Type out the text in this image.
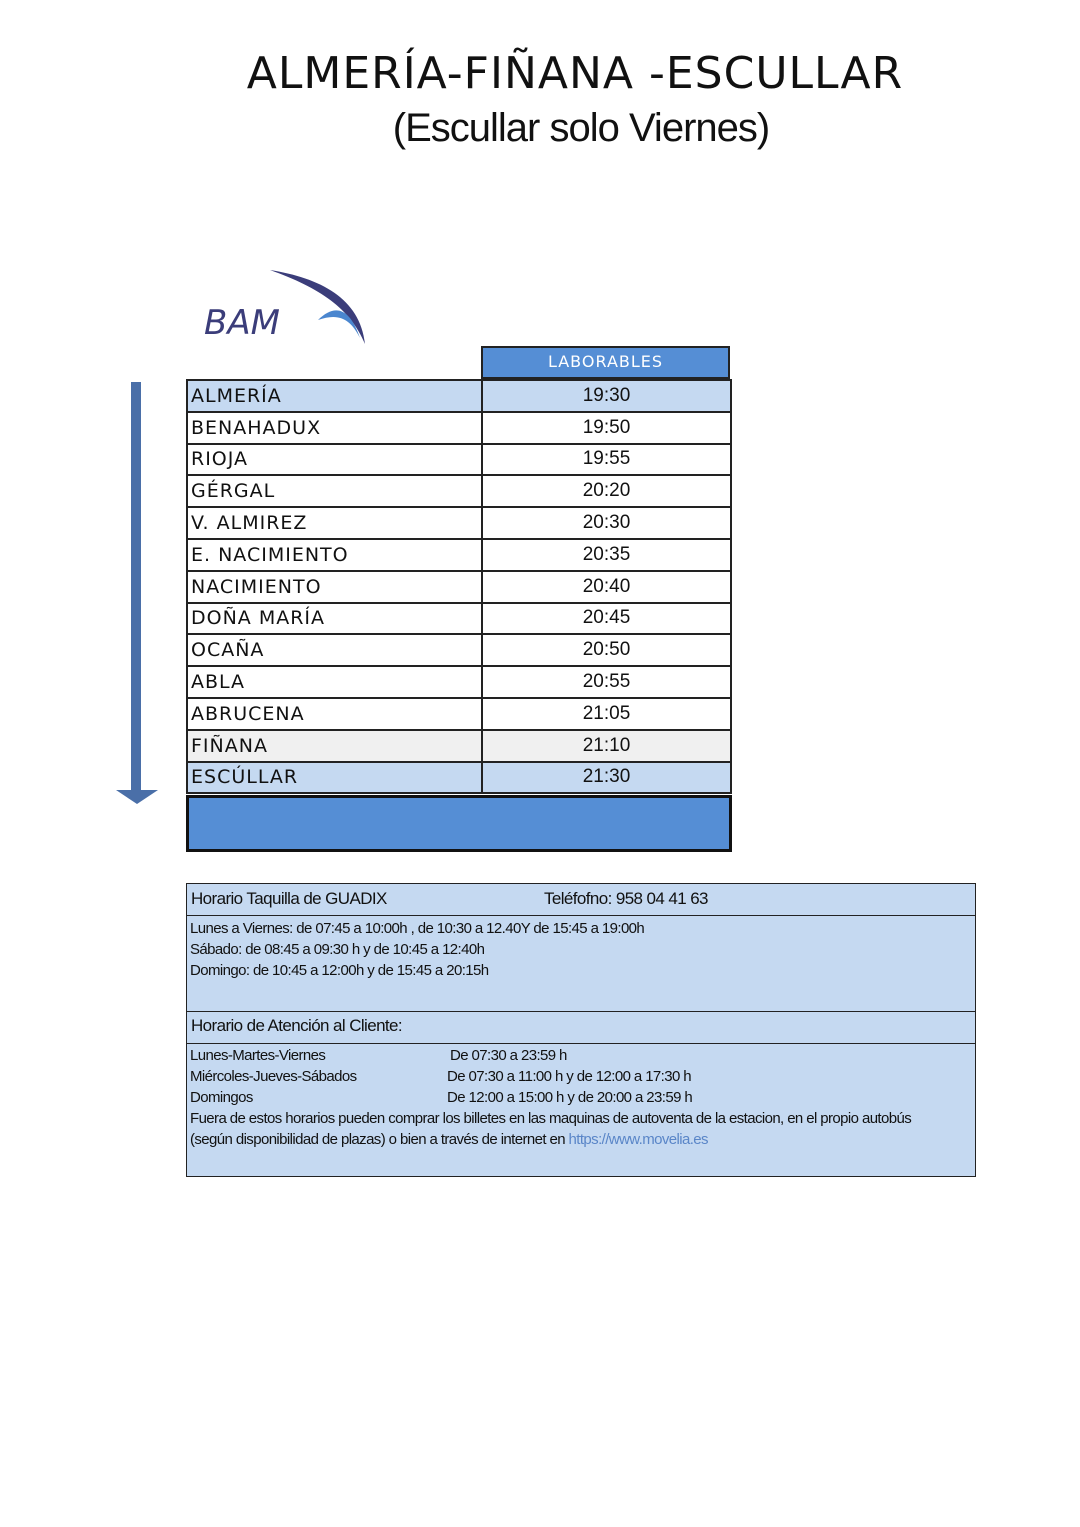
ALMERÍA-FIÑANA -ESCULLAR
(Escullar solo Viernes)
BAM
LABORABLES
ALMERÍA	19:30
BENAHADUX	19:50
RIOJA	19:55
GÉRGAL	20:20
V. ALMIREZ	20:30
E. NACIMIENTO	20:35
NACIMIENTO	20:40
DOÑA MARÍA	20:45
OCAÑA	20:50
ABLA	20:55
ABRUCENA	21:05
FIÑANA	21:10
ESCÚLLAR	21:30
Horario Taquilla de GUADIX	Teléfofno: 958 04 41 63
Lunes a Viernes: de 07:45 a 10:00h , de 10:30 a 12.40Y de 15:45 a 19:00h
Sábado: de 08:45 a 09:30 h y de 10:45 a 12:40h
Domingo: de 10:45 a 12:00h y de 15:45 a 20:15h
Horario de Atención al Cliente:
Lunes-Martes-Viernes	De 07:30 a 23:59 h
Miércoles-Jueves-Sábados	De 07:30 a 11:00 h y de 12:00 a 17:30 h
Domingos	De 12:00 a 15:00 h y de 20:00 a 23:59 h
Fuera de estos horarios pueden comprar los billetes en las maquinas de autoventa de la estacion, en el propio autobús
(según disponibilidad de plazas) o bien a través de internet en https://www.movelia.es
